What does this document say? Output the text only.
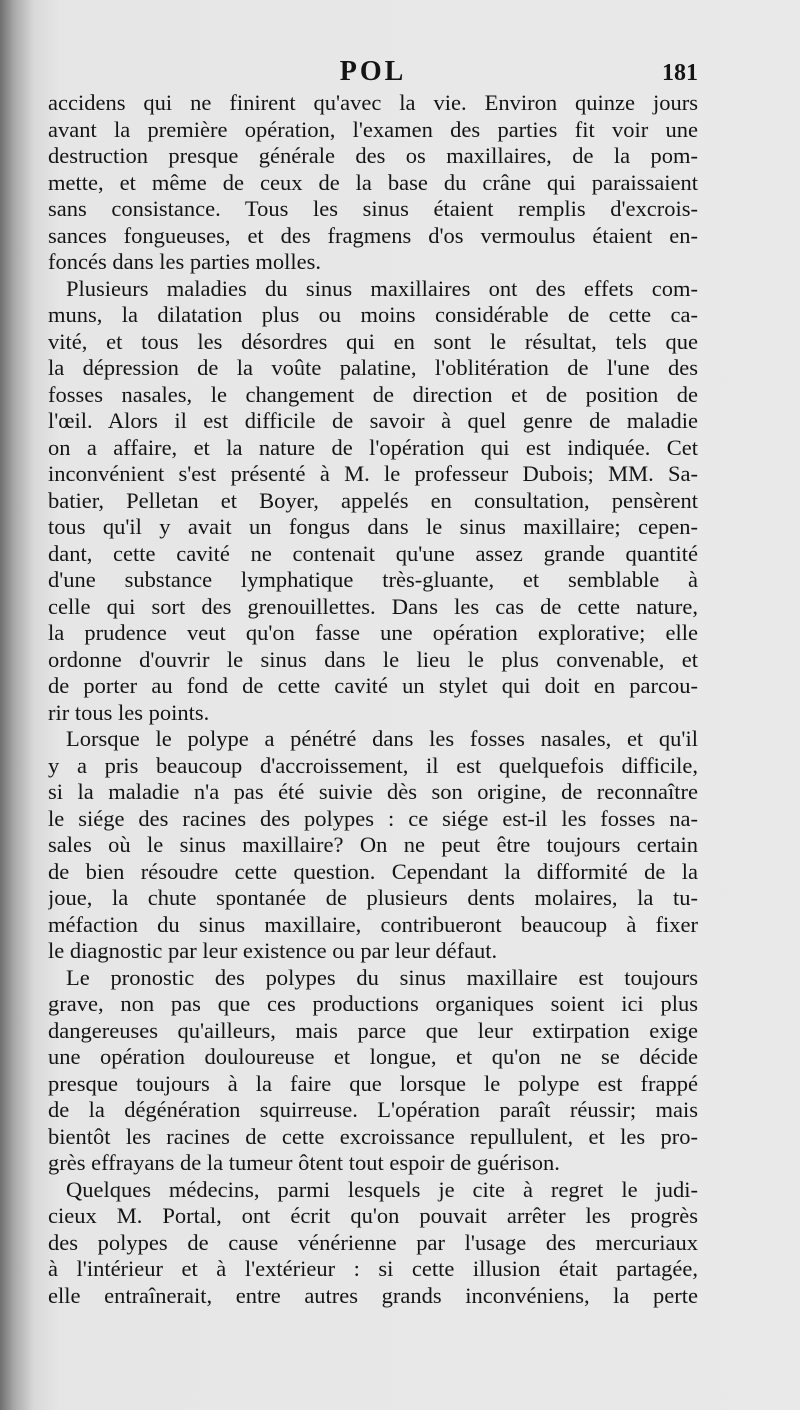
POL	181
accidens qui ne finirent qu'avec la vie. Environ quinze jours
avant la première opération, l'examen des parties fit voir une
destruction presque générale des os maxillaires, de la pom-
mette, et même de ceux de la base du crâne qui paraissaient
sans consistance. Tous les sinus étaient remplis d'excrois-
sances fongueuses, et des fragmens d'os vermoulus étaient en-
foncés dans les parties molles.
Plusieurs maladies du sinus maxillaires ont des effets com-
muns, la dilatation plus ou moins considérable de cette ca-
vité, et tous les désordres qui en sont le résultat, tels que
la dépression de la voûte palatine, l'oblitération de l'une des
fosses nasales, le changement de direction et de position de
l'œil. Alors il est difficile de savoir à quel genre de maladie
on a affaire, et la nature de l'opération qui est indiquée. Cet
inconvénient s'est présenté à M. le professeur Dubois; MM. Sa-
batier, Pelletan et Boyer, appelés en consultation, pensèrent
tous qu'il y avait un fongus dans le sinus maxillaire; cepen-
dant, cette cavité ne contenait qu'une assez grande quantité
d'une substance lymphatique très-gluante, et semblable à
celle qui sort des grenouillettes. Dans les cas de cette nature,
la prudence veut qu'on fasse une opération explorative; elle
ordonne d'ouvrir le sinus dans le lieu le plus convenable, et
de porter au fond de cette cavité un stylet qui doit en parcou-
rir tous les points.
Lorsque le polype a pénétré dans les fosses nasales, et qu'il
y a pris beaucoup d'accroissement, il est quelquefois difficile,
si la maladie n'a pas été suivie dès son origine, de reconnaître
le siége des racines des polypes : ce siége est-il les fosses na-
sales où le sinus maxillaire? On ne peut être toujours certain
de bien résoudre cette question. Cependant la difformité de la
joue, la chute spontanée de plusieurs dents molaires, la tu-
méfaction du sinus maxillaire, contribueront beaucoup à fixer
le diagnostic par leur existence ou par leur défaut.
Le pronostic des polypes du sinus maxillaire est toujours
grave, non pas que ces productions organiques soient ici plus
dangereuses qu'ailleurs, mais parce que leur extirpation exige
une opération douloureuse et longue, et qu'on ne se décide
presque toujours à la faire que lorsque le polype est frappé
de la dégénération squirreuse. L'opération paraît réussir; mais
bientôt les racines de cette excroissance repullulent, et les pro-
grès effrayans de la tumeur ôtent tout espoir de guérison.
Quelques médecins, parmi lesquels je cite à regret le judi-
cieux M. Portal, ont écrit qu'on pouvait arrêter les progrès
des polypes de cause vénérienne par l'usage des mercuriaux
à l'intérieur et à l'extérieur : si cette illusion était partagée,
elle entraînerait, entre autres grands inconvéniens, la perte
